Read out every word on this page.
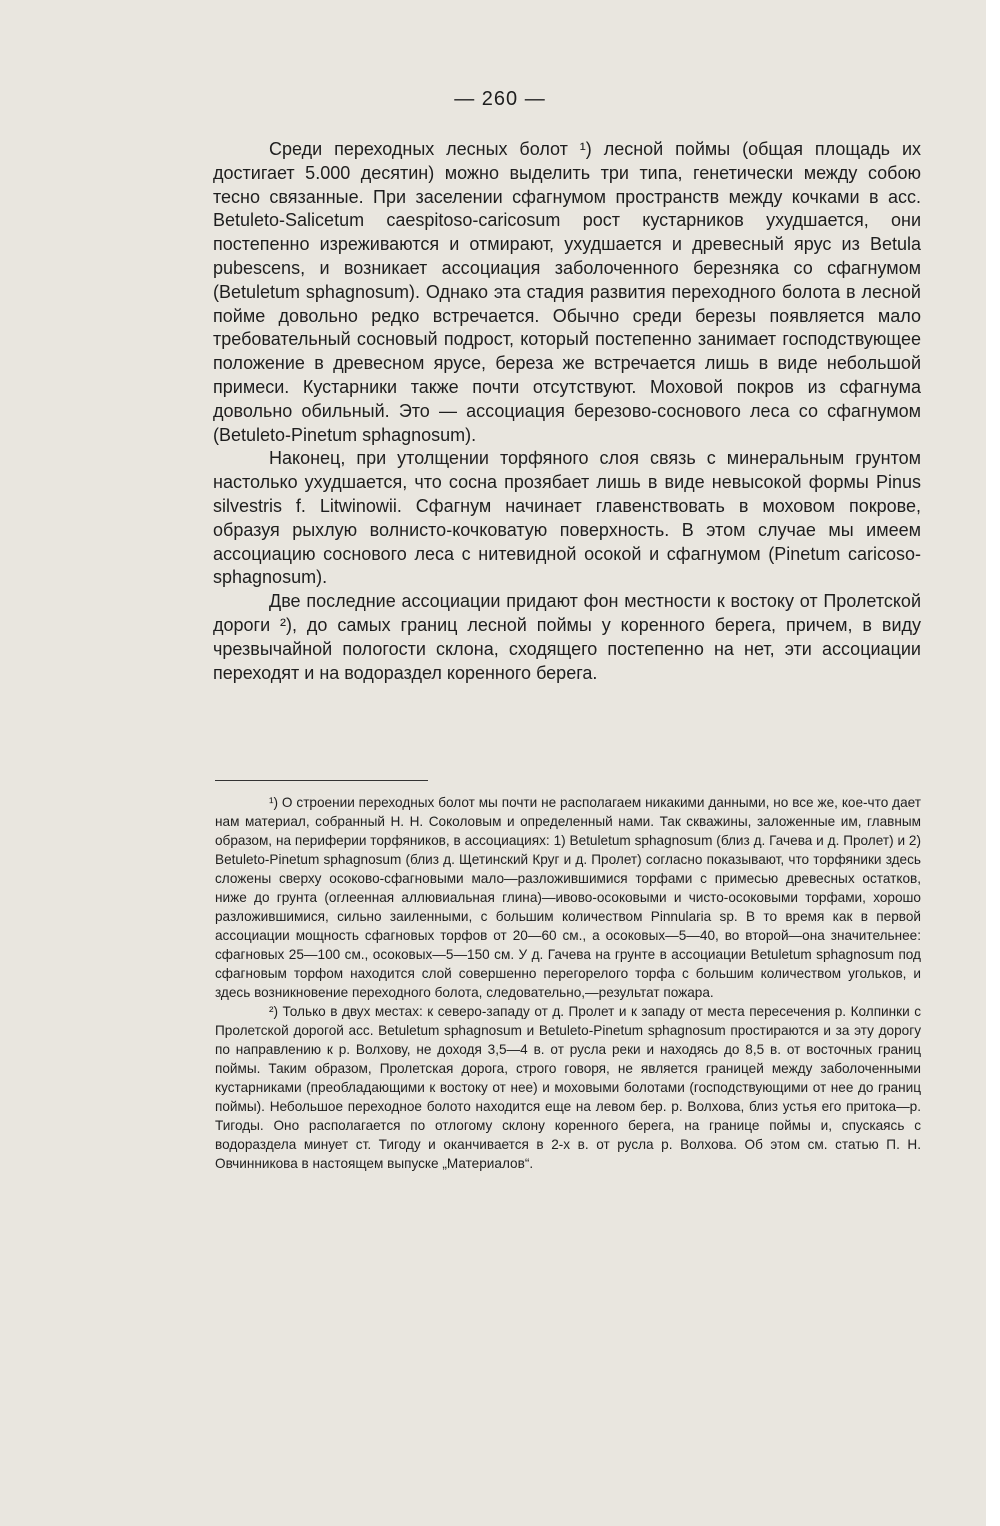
— 260 —

Среди переходных лесных болот ¹) лесной поймы (общая площадь их достигает 5.000 десятин) можно выделить три типа, генетически между собою тесно связанные. При заселении сфагнумом пространств между кочками в асс. Betuleto-Salicetum caespitoso-caricosum рост кустарников ухудшается, они постепенно изреживаются и отмирают, ухудшается и древесный ярус из Betula pubescens, и возникает ассоциация заболоченного березняка со сфагнумом (Betuletum sphagnosum). Однако эта стадия развития переходного болота в лесной пойме довольно редко встречается. Обычно среди березы появляется мало требовательный сосновый подрост, который постепенно занимает господствующее положение в древесном ярусе, береза же встречается лишь в виде небольшой примеси. Кустарники также почти отсутствуют. Моховой покров из сфагнума довольно обильный. Это — ассоциация березово-соснового леса со сфагнумом (Betuleto-Pinetum sphagnosum).

Наконец, при утолщении торфяного слоя связь с минеральным грунтом настолько ухудшается, что сосна прозябает лишь в виде невысокой формы Pinus silvestris f. Litwinowii. Сфагнум начинает главенствовать в моховом покрове, образуя рыхлую волнисто-кочковатую поверхность. В этом случае мы имеем ассоциацию соснового леса с нитевидной осокой и сфагнумом (Pinetum caricoso-sphagnosum).

Две последние ассоциации придают фон местности к востоку от Пролетской дороги ²), до самых границ лесной поймы у коренного берега, причем, в виду чрезвычайной пологости склона, сходящего постепенно на нет, эти ассоциации переходят и на водораздел коренного берега.

¹) О строении переходных болот мы почти не располагаем никакими данными, но все же, кое-что дает нам материал, собранный Н. Н. Соколовым и определенный нами. Так скважины, заложенные им, главным образом, на периферии торфяников, в ассоциациях: 1) Betuletum sphagnosum (близ д. Гачева и д. Пролет) и 2) Betuleto-Pinetum sphagnosum (близ д. Щетинский Круг и д. Пролет) согласно показывают, что торфяники здесь сложены сверху осоково-сфагновыми мало—разложившимися торфами с примесью древесных остатков, ниже до грунта (оглеенная аллювиальная глина)—ивово-осоковыми и чисто-осоковыми торфами, хорошо разложившимися, сильно заиленными, с большим количеством Pinnularia sp. В то время как в первой ассоциации мощность сфагновых торфов от 20—60 см., а осоковых—5—40, во второй—она значительнее: сфагновых 25—100 см., осоковых—5—150 см. У д. Гачева на грунте в ассоциации Betuletum sphagnosum под сфагновым торфом находится слой совершенно перегорелого торфа с большим количеством угольков, и здесь возникновение переходного болота, следовательно,—результат пожара.

²) Только в двух местах: к северо-западу от д. Пролет и к западу от места пересечения р. Колпинки с Пролетской дорогой асс. Betuletum sphagnosum и Betuleto-Pinetum sphagnosum простираются и за эту дорогу по направлению к р. Волхову, не доходя 3,5—4 в. от русла реки и находясь до 8,5 в. от восточных границ поймы. Таким образом, Пролетская дорога, строго говоря, не является границей между заболоченными кустарниками (преобладающими к востоку от нее) и моховыми болотами (господствующими от нее до границ поймы). Небольшое переходное болото находится еще на левом бер. р. Волхова, близ устья его притока—р. Тигоды. Оно располагается по отлогому склону коренного берега, на границе поймы и, спускаясь с водораздела минует ст. Тигоду и оканчивается в 2-х в. от русла р. Волхова. Об этом см. статью П. Н. Овчинникова в настоящем выпуске „Материалов“.
